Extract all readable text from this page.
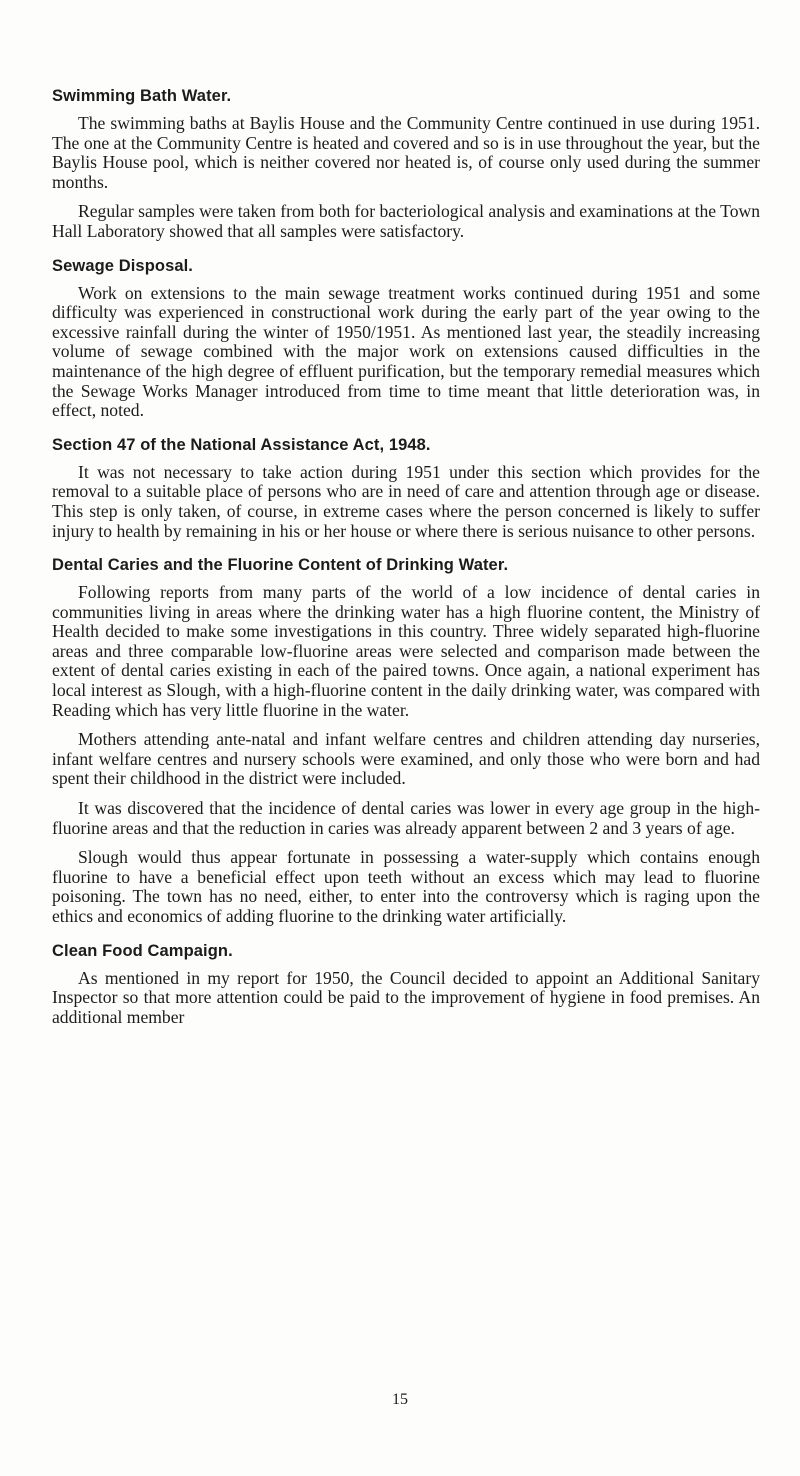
Swimming Bath Water.

The swimming baths at Baylis House and the Community Centre continued in use during 1951. The one at the Community Centre is heated and covered and so is in use throughout the year, but the Baylis House pool, which is neither covered nor heated is, of course only used during the summer months.

Regular samples were taken from both for bacteriological analysis and examinations at the Town Hall Laboratory showed that all samples were satisfactory.

Sewage Disposal.

Work on extensions to the main sewage treatment works continued during 1951 and some difficulty was experienced in constructional work during the early part of the year owing to the excessive rainfall during the winter of 1950/1951. As mentioned last year, the steadily increasing volume of sewage combined with the major work on extensions caused difficulties in the maintenance of the high degree of effluent purification, but the temporary remedial measures which the Sewage Works Manager introduced from time to time meant that little deterioration was, in effect, noted.

Section 47 of the National Assistance Act, 1948.

It was not necessary to take action during 1951 under this section which provides for the removal to a suitable place of persons who are in need of care and attention through age or disease. This step is only taken, of course, in extreme cases where the person concerned is likely to suffer injury to health by remaining in his or her house or where there is serious nuisance to other persons.

Dental Caries and the Fluorine Content of Drinking Water.

Following reports from many parts of the world of a low incidence of dental caries in communities living in areas where the drinking water has a high fluorine content, the Ministry of Health decided to make some investigations in this country. Three widely separated high-fluorine areas and three comparable low-fluorine areas were selected and comparison made between the extent of dental caries existing in each of the paired towns. Once again, a national experiment has local interest as Slough, with a high-fluorine content in the daily drinking water, was compared with Reading which has very little fluorine in the water.

Mothers attending ante-natal and infant welfare centres and children attending day nurseries, infant welfare centres and nursery schools were examined, and only those who were born and had spent their childhood in the district were included.

It was discovered that the incidence of dental caries was lower in every age group in the high-fluorine areas and that the reduction in caries was already apparent between 2 and 3 years of age.

Slough would thus appear fortunate in possessing a water-supply which contains enough fluorine to have a beneficial effect upon teeth without an excess which may lead to fluorine poisoning. The town has no need, either, to enter into the controversy which is raging upon the ethics and economics of adding fluorine to the drinking water artificially.

Clean Food Campaign.

As mentioned in my report for 1950, the Council decided to appoint an Additional Sanitary Inspector so that more attention could be paid to the improvement of hygiene in food premises. An additional member

15
